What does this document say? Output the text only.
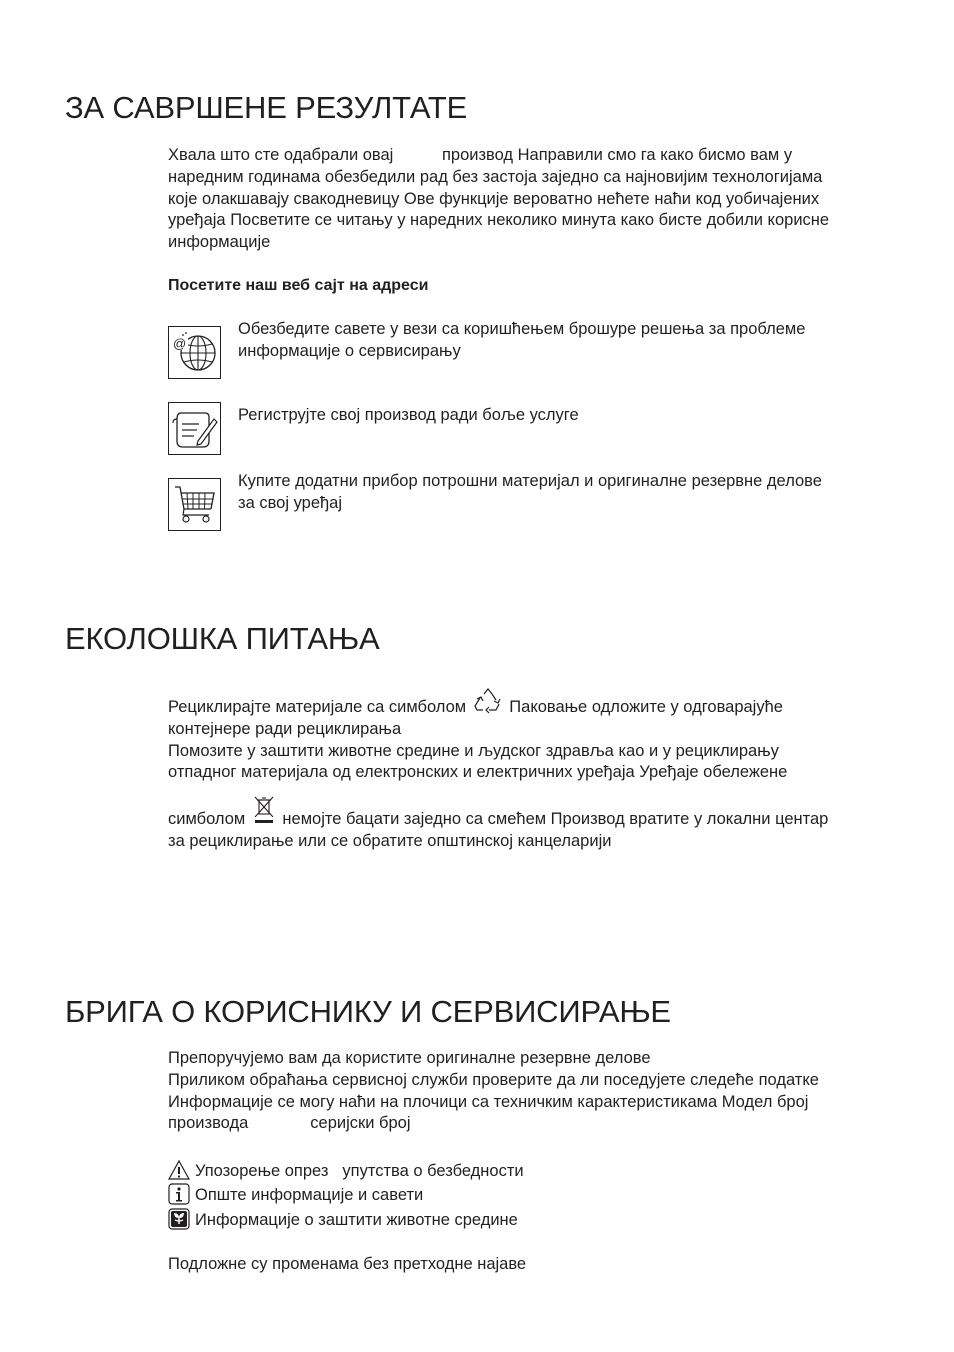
ЗА САВРШЕНЕ РЕЗУЛТАТЕ
Хвала што сте одабрали овај	производ Направили смо га како бисмо вам у
наредним годинама обезбедили рад без застоја заједно са најновијим технологијама
које олакшавају свакодневицу Ове функције вероватно нећете наћи код уобичајених
уређаја Посветите се читању у наредних неколико минута како бисте добили корисне
информације
Посетите наш веб сајт на адреси
@
Обезбедите савете у вези са коришћењем брошуре решења за проблеме
информације о сервисирању
Региструјте свој производ ради боље услуге
Купите додатни прибор потрошни материјал и оригиналне резервне делове
за свој уређај
ЕКОЛОШКА ПИТАЊА
Рециклирајте материјале са симболом	Паковање одложите у одговарајуће
контејнере ради рециклирања
Помозите у заштити животне средине и људског здравља као и у рециклирању
отпадног материјала од електронских и електричних уређаја Уређаје обележене
симболом немојте бацати заједно са смећем Производ вратите у локални центар
за рециклирање или се обратите општинској канцеларији
БРИГА О КОРИСНИКУ И СЕРВИСИРАЊЕ
Препоручујемо вам да користите оригиналне резервне делове
Приликом обраћања сервисној служби проверите да ли поседујете следеће податке
Информације се могу наћи на плочици са техничким карактеристикама Модел број
производа	серијски број
Упозорење опрез упутства о безбедности
Опште информације и савети
Информације о заштити животне средине
Подложне су променама без претходне најаве
